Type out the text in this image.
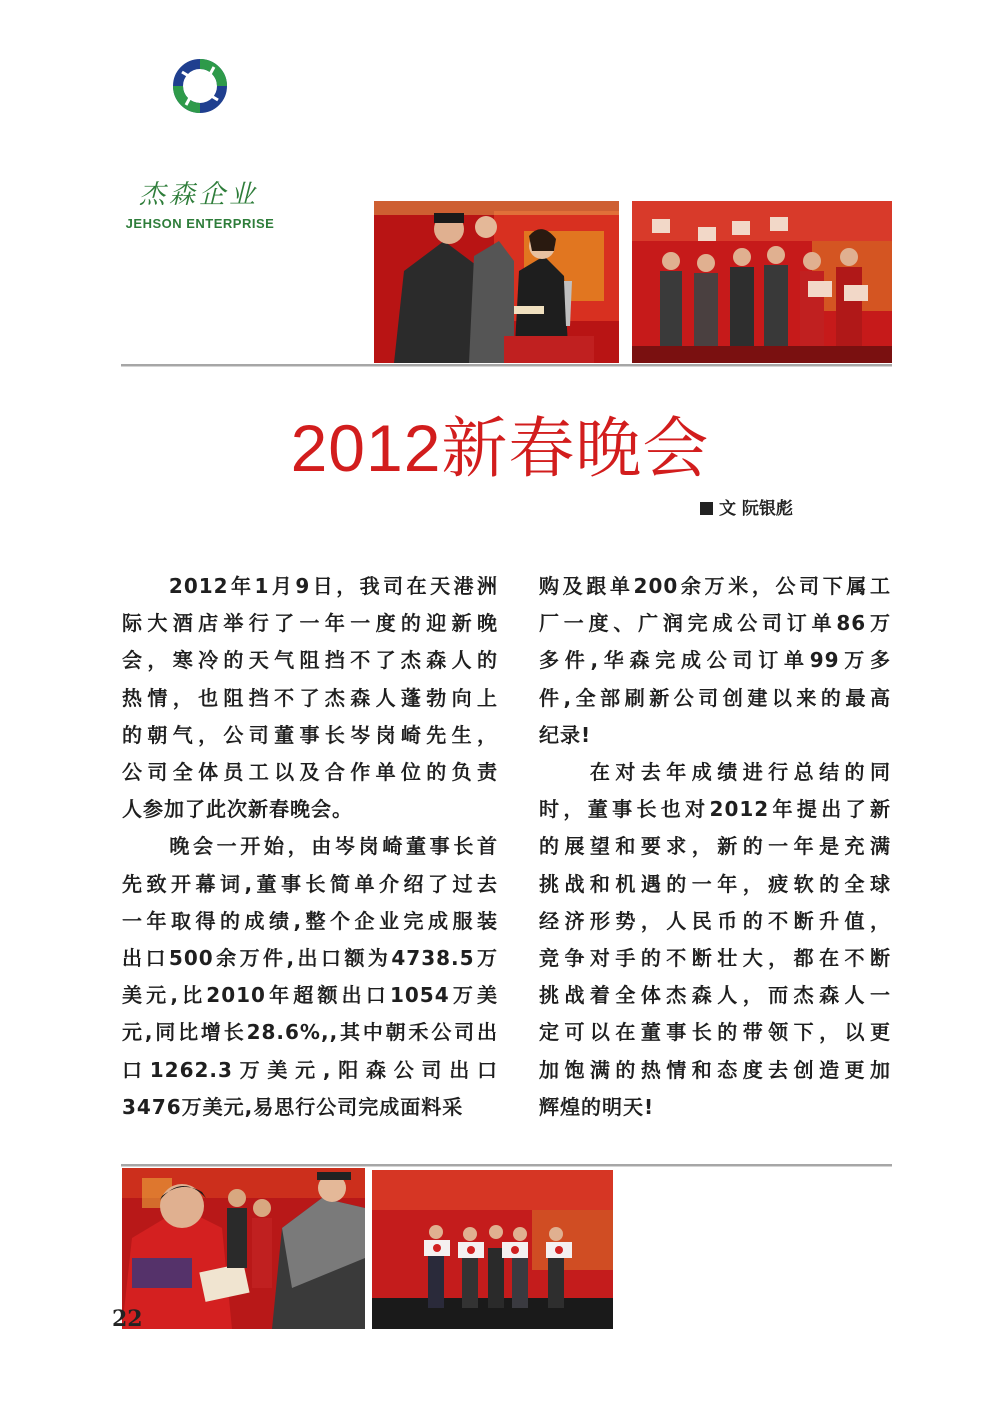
杰森企业
JEHSON ENTERPRISE
2012新春晚会
文 阮银彪

　　2012年1月9日，我司在天港洲
际大酒店举行了一年一度的迎新晚
会，寒冷的天气阻挡不了杰森人的
热情，也阻挡不了杰森人蓬勃向上
的朝气，公司董事长岑岗崎先生，
公司全体员工以及合作单位的负责
人参加了此次新春晚会。

　　晚会一开始，由岑岗崎董事长首
先致开幕词,董事长简单介绍了过去
一年取得的成绩,整个企业完成服装
出口500余万件,出口额为4738.5万
美元,比2010年超额出口1054万美
元,同比增长28.6%,,其中朝禾公司出
口1262.3万美元,阳森公司出口
3476万美元,易思行公司完成面料采

购及跟单200余万米，公司下属工
厂一度、广润完成公司订单86万
多件,华森完成公司订单99万多
件,全部刷新公司创建以来的最高
纪录!

　　在对去年成绩进行总结的同
时，董事长也对2012年提出了新
的展望和要求，新的一年是充满
挑战和机遇的一年，疲软的全球
经济形势，人民币的不断升值，
竞争对手的不断壮大，都在不断
挑战着全体杰森人，而杰森人一
定可以在董事长的带领下，以更
加饱满的热情和态度去创造更加
辉煌的明天!

22
